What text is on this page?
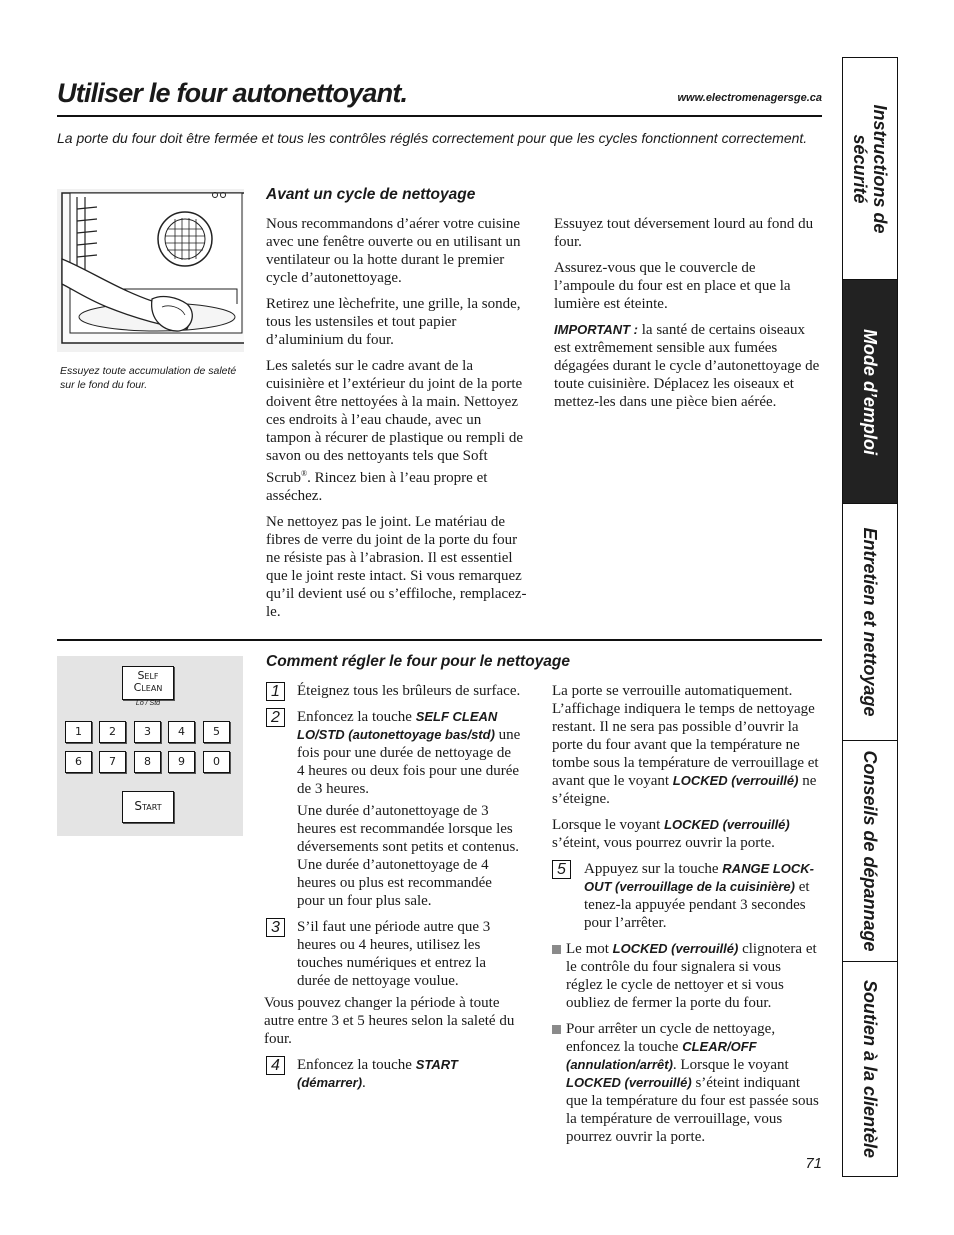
Utiliser le four autonettoyant.	www.electromenagersge.ca

La porte du four doit être fermée et tous les contrôles réglés correctement pour que les cycles fonctionnent correctement.

Essuyez toute accumulation de saleté sur le fond du four.
Avant un cycle de nettoyage

Nous recommandons d’aérer votre cuisine avec une fenêtre ouverte ou en utilisant un ventilateur ou la hotte durant le premier cycle d’autonettoyage.

Retirez une lèchefrite, une grille, la sonde, tous les ustensiles et tout papier d’aluminium du four.

Les saletés sur le cadre avant de la cuisinière et l’extérieur du joint de la porte doivent être nettoyées à la main. Nettoyez ces endroits à l’eau chaude, avec un tampon à récurer de plastique ou rempli de savon ou des nettoyants tels que Soft Scrub®. Rincez bien à l’eau propre et asséchez.

Ne nettoyez pas le joint. Le matériau de fibres de verre du joint de la porte du four ne résiste pas à l’abrasion. Il est essentiel que le joint reste intact. Si vous remarquez qu’il devient usé ou s’effiloche, remplacez-le.

Essuyez tout déversement lourd au fond du four.

Assurez-vous que le couvercle de l’ampoule du four est en place et que la lumière est éteinte.

IMPORTANT : la santé de certains oiseaux est extrêmement sensible aux fumées dégagées durant le cycle d’autonettoyage de toute cuisinière. Déplacez les oiseaux et mettez-les dans une pièce bien aérée.

Self
Clean
Lo / Std
1	2	3	4	5
6	7	8	9	0
Start
Comment régler le four pour le nettoyage
1	Éteignez tous les brûleurs de surface.
2	Enfoncez la touche SELF CLEAN LO/STD (autonettoyage bas/std) une fois pour une durée de nettoyage de 4 heures ou deux fois pour une durée de 3 heures.

Une durée d’autonettoyage de 3 heures est recommandée lorsque les déversements sont petits et contenus. Une durée d’autonettoyage de 4 heures ou plus est recommandée pour un four plus sale.

3	S’il faut une période autre que 3 heures ou 4 heures, utilisez les touches numériques et entrez la durée de nettoyage voulue.

Vous pouvez changer la période à toute autre entre 3 et 5 heures selon la saleté du four.

4	Enfoncez la touche START (démarrer).

La porte se verrouille automatiquement. L’affichage indiquera le temps de nettoyage restant. Il ne sera pas possible d’ouvrir la porte du four avant que la température ne tombe sous la température de verrouillage et avant que le voyant LOCKED (verrouillé) ne s’éteigne.

Lorsque le voyant LOCKED (verrouillé) s’éteint, vous pourrez ouvrir la porte.

5	Appuyez sur la touche RANGE LOCK-OUT (verrouillage de la cuisinière) et tenez-la appuyée pendant 3 secondes pour l’arrêter.
Le mot LOCKED (verrouillé) clignotera et le contrôle du four signalera si vous réglez le cycle de nettoyer et si vous oubliez de fermer la porte du four.
Pour arrêter un cycle de nettoyage, enfoncez la touche CLEAR/OFF (annulation/arrêt). Lorsque le voyant LOCKED (verrouillé) s’éteint indiquant que la température du four est passée sous la température de verrouillage, vous pourrez ouvrir la porte.
71
Instructions de sécurité
Mode d’emploi
Entretien et nettoyage
Conseils de dépannage
Soutien à la clientèle
